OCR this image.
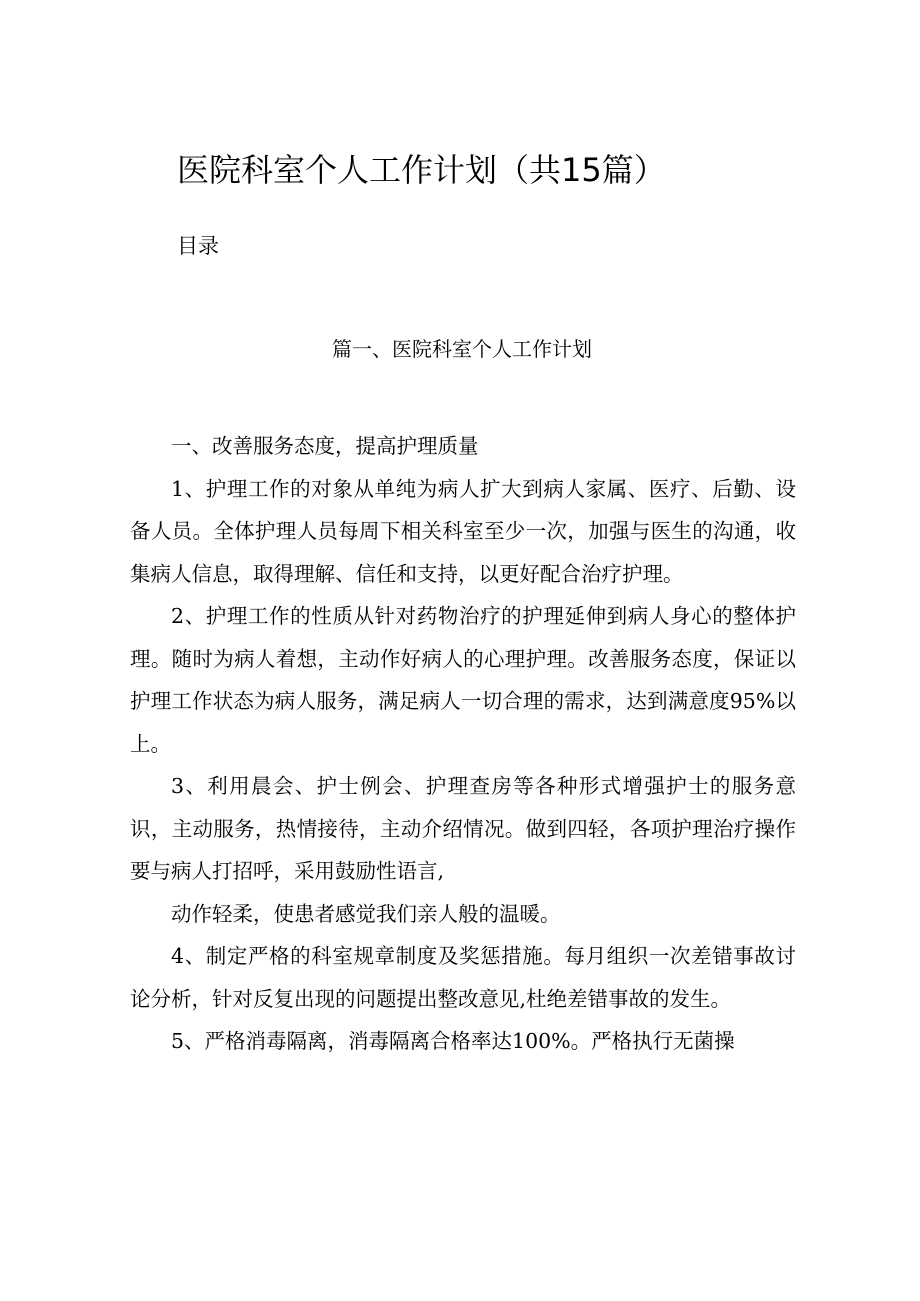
医院科室个人工作计划（共15篇）
目录
篇一、医院科室个人工作计划

一、改善服务态度，提高护理质量

1、护理工作的对象从单纯为病人扩大到病人家属、医疗、后勤、设备人员。全体护理人员每周下相关科室至少一次，加强与医生的沟通，收集病人信息，取得理解、信任和支持，以更好配合治疗护理。

2、护理工作的性质从针对药物治疗的护理延伸到病人身心的整体护理。随时为病人着想，主动作好病人的心理护理。改善服务态度，保证以护理工作状态为病人服务，满足病人一切合理的需求，达到满意度95%以上。

3、利用晨会、护士例会、护理查房等各种形式增强护士的服务意识，主动服务，热情接待，主动介绍情况。做到四轻，各项护理治疗操作要与病人打招呼，采用鼓励性语言,

动作轻柔，使患者感觉我们亲人般的温暖。

4、制定严格的科室规章制度及奖惩措施。每月组织一次差错事故讨论分析，针对反复出现的问题提出整改意见,杜绝差错事故的发生。

5、严格消毒隔离，消毒隔离合格率达100%。严格执行无菌操
